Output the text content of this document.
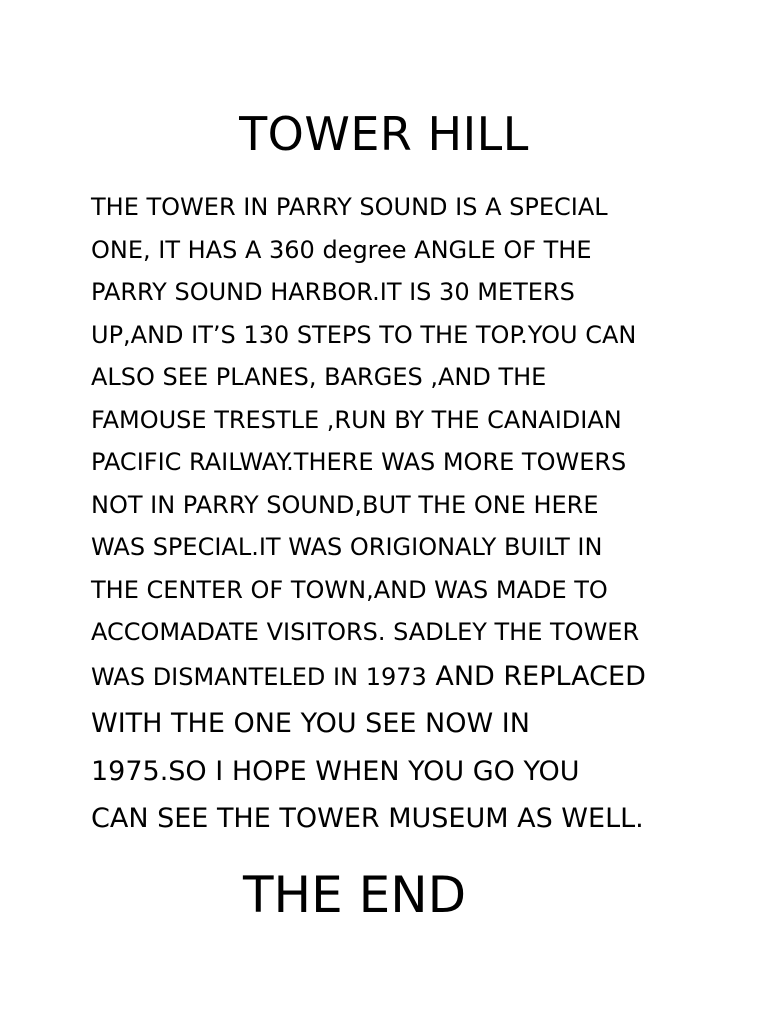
TOWER HILL
THE TOWER IN PARRY SOUND IS A SPECIAL
ONE, IT HAS A 360 degree ANGLE OF THE
PARRY SOUND HARBOR.IT IS 30 METERS
UP,AND IT’S 130 STEPS TO THE TOP.YOU CAN
ALSO SEE PLANES, BARGES ,AND THE
FAMOUSE TRESTLE ,RUN BY THE CANAIDIAN
PACIFIC RAILWAY.THERE WAS MORE TOWERS
NOT IN PARRY SOUND,BUT THE ONE HERE
WAS SPECIAL.IT WAS ORIGIONALY BUILT IN
THE CENTER OF TOWN,AND WAS MADE TO
ACCOMADATE VISITORS. SADLEY THE TOWER
WAS DISMANTELED IN 1973 AND REPLACED
WITH THE ONE YOU SEE NOW IN
1975.SO I HOPE WHEN YOU GO YOU
CAN SEE THE TOWER MUSEUM AS WELL.
THE END
